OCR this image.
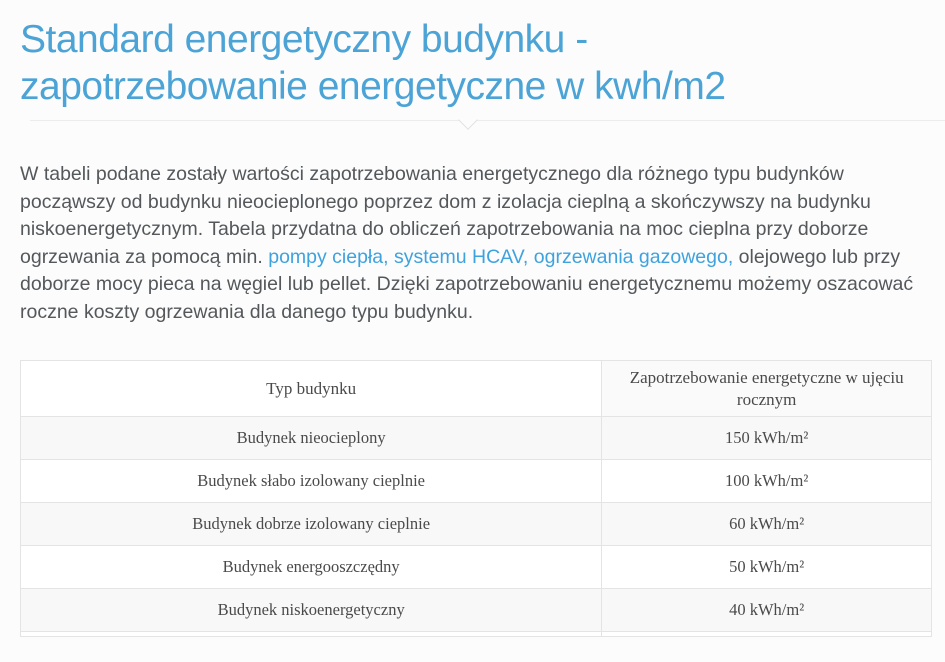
Standard energetyczny budynku -
zapotrzebowanie energetyczne w kwh/m2

W tabeli podane zostały wartości zapotrzebowania energetycznego dla różnego typu budynków począwszy od budynku nieocieplonego poprzez dom z izolacja cieplną a skończywszy na budynku niskoenergetycznym. Tabela przydatna do obliczeń zapotrzebowania na moc cieplna przy doborze ogrzewania za pomocą min. pompy ciepła, systemu HCAV, ogrzewania gazowego, olejowego lub przy doborze mocy pieca na węgiel lub pellet. Dzięki zapotrzebowaniu energetycznemu możemy oszacować roczne koszty ogrzewania dla danego typu budynku.

Typ budynku	Zapotrzebowanie energetyczne w ujęciu rocznym
Budynek nieocieplony	150 kWh/m²
Budynek słabo izolowany cieplnie	100 kWh/m²
Budynek dobrze izolowany cieplnie	60 kWh/m²
Budynek energooszczędny	50 kWh/m²
Budynek niskoenergetyczny	40 kWh/m²
